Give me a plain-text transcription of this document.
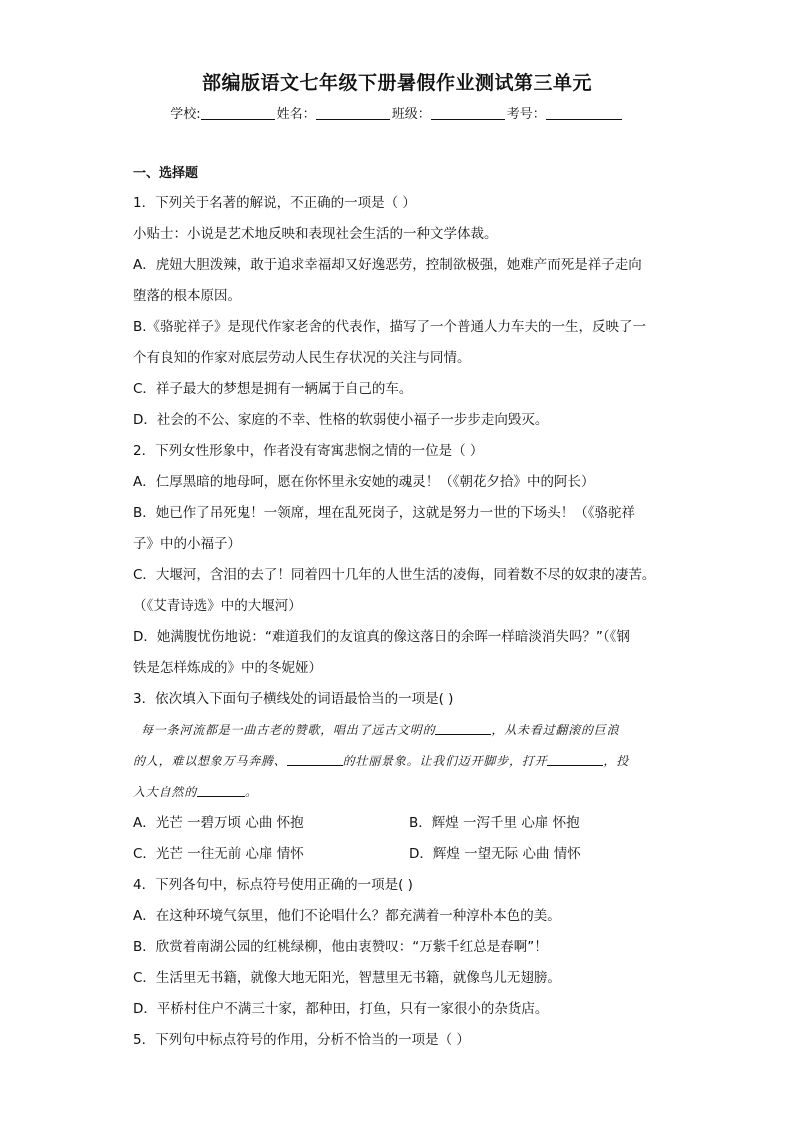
部编版语文七年级下册暑假作业测试第三单元
学校:	姓名：	班级：	考号：
一、选择题
1．下列关于名著的解说，不正确的一项是（ ）
小贴士：小说是艺术地反映和表现社会生活的一种文学体裁。
A．虎妞大胆泼辣，敢于追求幸福却又好逸恶劳，控制欲极强，她难产而死是祥子走向
堕落的根本原因。
B.《骆驼祥子》是现代作家老舍的代表作，描写了一个普通人力车夫的一生，反映了一
个有良知的作家对底层劳动人民生存状况的关注与同情。
C．祥子最大的梦想是拥有一辆属于自己的车。
D．社会的不公、家庭的不幸、性格的软弱使小福子一步步走向毁灭。
2．下列女性形象中，作者没有寄寓悲悯之情的一位是（ ）
A．仁厚黑暗的地母呵，愿在你怀里永安她的魂灵！（《朝花夕拾》中的阿长）
B．她已作了吊死鬼！一领席，埋在乱死岗子，这就是努力一世的下场头！（《骆驼祥
子》中的小福子）
C．大堰河，含泪的去了！同着四十几年的人世生活的凌侮，同着数不尽的奴隶的凄苦。
（《艾青诗选》中的大堰河）
D．她满腹忧伤地说：“难道我们的友谊真的像这落日的余晖一样暗淡消失吗？”（《钢
铁是怎样炼成的》中的冬妮娅）
3．依次填入下面句子横线处的词语最恰当的一项是( )
每一条河流都是一曲古老的赞歌，唱出了远古文明的	，从未看过翻滚的巨浪
的人，难以想象万马奔腾、	的壮丽景象。让我们迈开脚步，打开	，投
入大自然的	。
A．光芒 一碧万顷 心曲 怀抱	B．辉煌 一泻千里 心扉 怀抱
C．光芒 一往无前 心扉 情怀	D．辉煌 一望无际 心曲 情怀
4．下列各句中，标点符号使用正确的一项是( )
A．在这种环境气氛里，他们不论唱什么？都充满着一种淳朴本色的美。
B．欣赏着南湖公园的红桃绿柳，他由衷赞叹：“万紫千红总是春啊”！
C．生活里无书籍，就像大地无阳光，智慧里无书籍，就像鸟儿无翅膀。
D．平桥村住户不满三十家，都种田，打鱼，只有一家很小的杂货店。
5．下列句中标点符号的作用，分析不恰当的一项是（ ）
